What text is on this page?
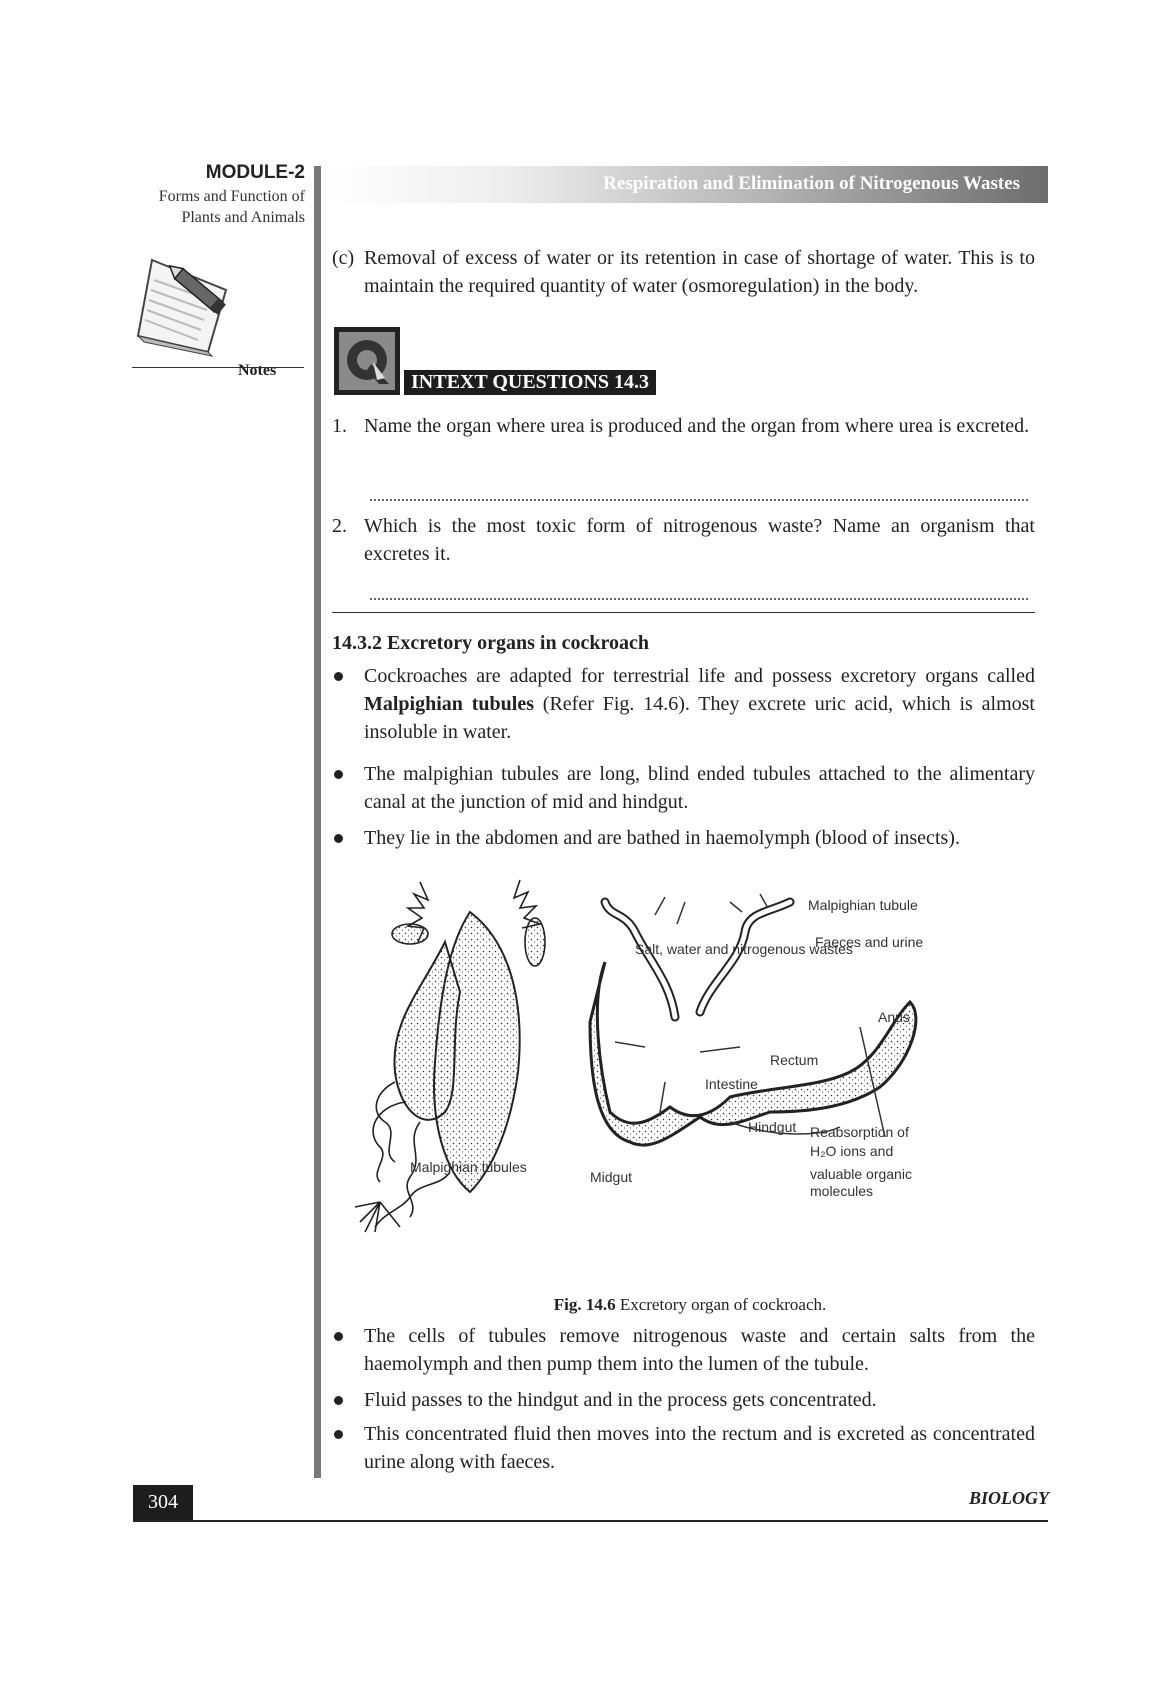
MODULE-2
Forms and Function of
Plants and Animals
Notes
Respiration and Elimination of Nitrogenous Wastes
(c) Removal of excess of water or its retention in case of shortage of water. This is to maintain the required quantity of water (osmoregulation) in the body.
INTEXT QUESTIONS 14.3
1. Name the organ where urea is produced and the organ from where urea is excreted.
2. Which is the most toxic form of nitrogenous waste? Name an organism that excretes it.
14.3.2 Excretory organs in cockroach
Cockroaches are adapted for terrestrial life and possess excretory organs called Malpighian tubules (Refer Fig. 14.6). They excrete uric acid, which is almost insoluble in water.
The malpighian tubules are long, blind ended tubules attached to the alimentary canal at the junction of mid and hindgut.
They lie in the abdomen and are bathed in haemolymph (blood of insects).
Malpighian tubules
Salt, water and nitrogenous wastes
Malpighian tubule
Faeces and urine
Anus
Rectum
Intestine
Hindgut Reabsorption of
H₂O ions and
valuable organic
molecules
Midgut
Fig. 14.6 Excretory organ of cockroach.
The cells of tubules remove nitrogenous waste and certain salts from the haemolymph and then pump them into the lumen of the tubule.
Fluid passes to the hindgut and in the process gets concentrated.
This concentrated fluid then moves into the rectum and is excreted as concentrated urine along with faeces.
304	BIOLOGY
